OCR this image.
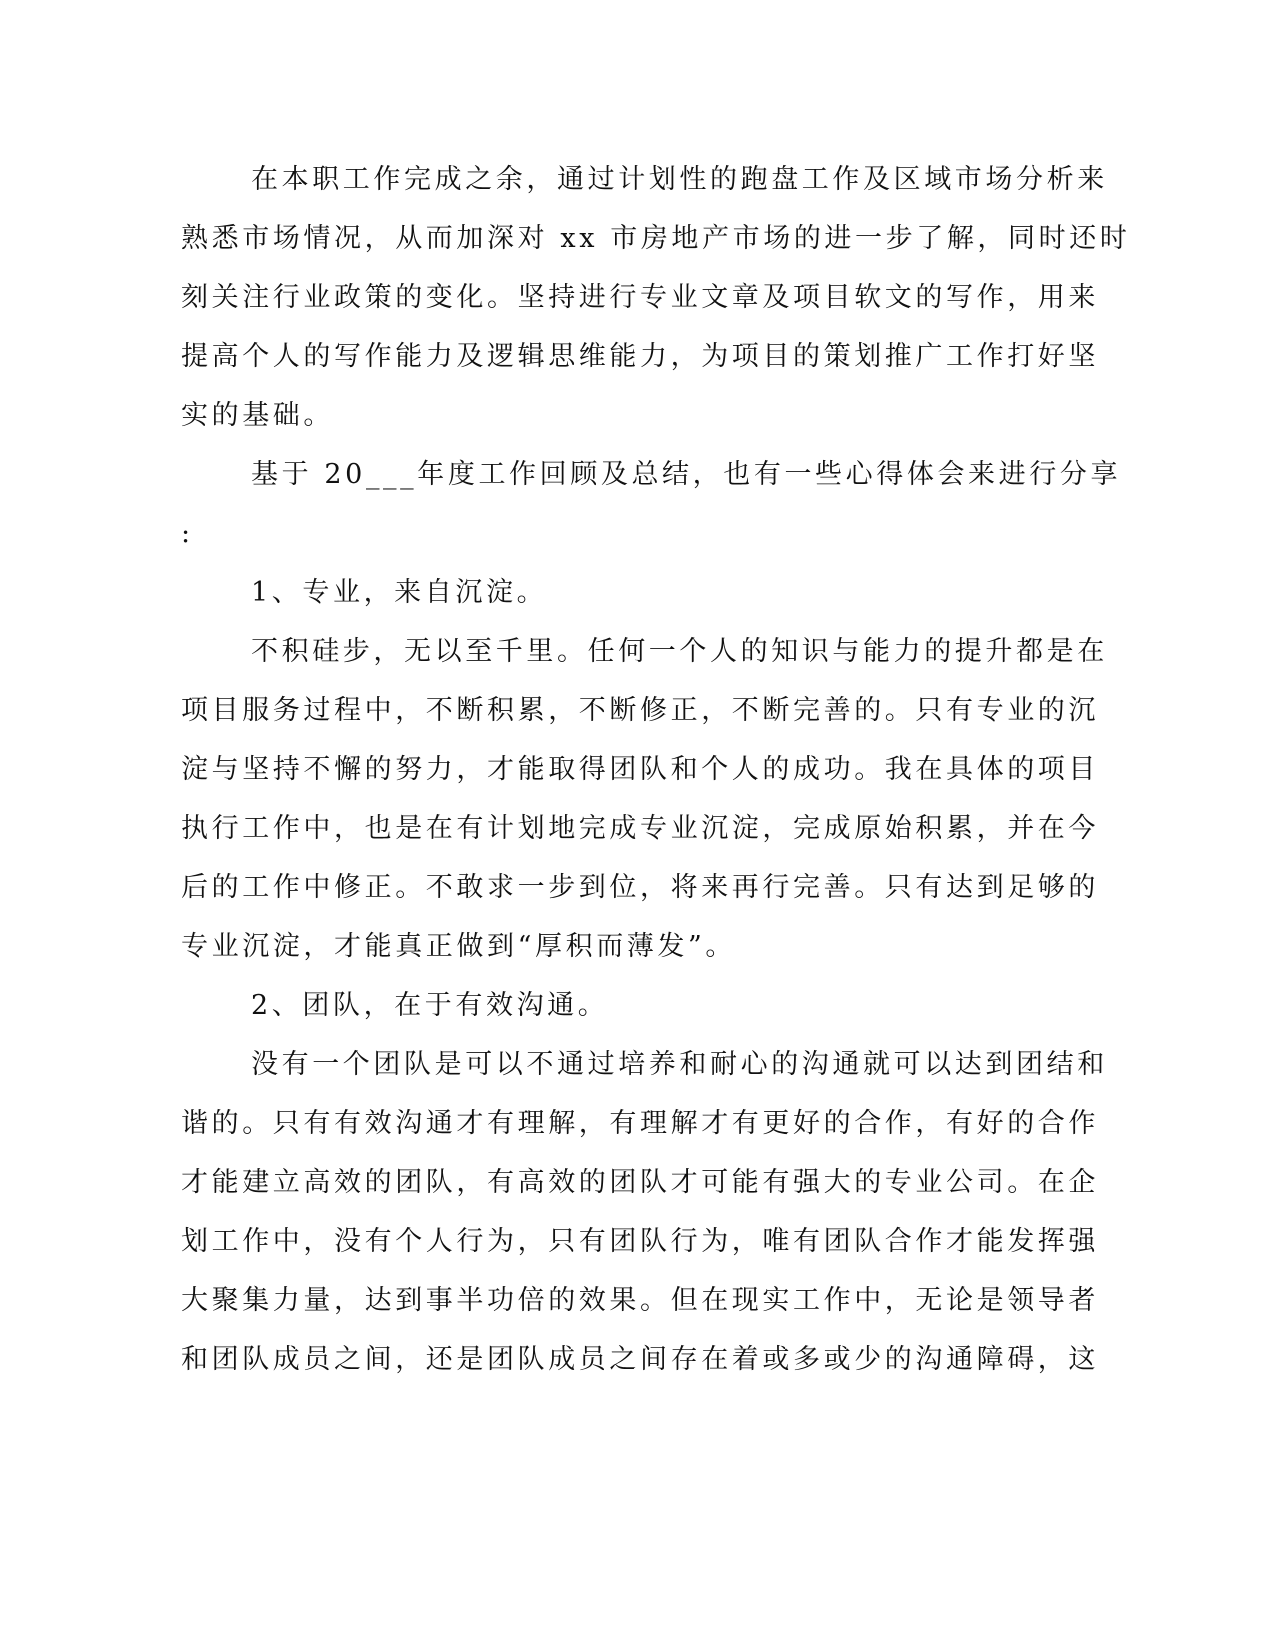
在本职工作完成之余，通过计划性的跑盘工作及区域市场分析来
熟悉市场情况，从而加深对 xx 市房地产市场的进一步了解，同时还时
刻关注行业政策的变化。坚持进行专业文章及项目软文的写作，用来
提高个人的写作能力及逻辑思维能力，为项目的策划推广工作打好坚
实的基础。
基于 20___年度工作回顾及总结，也有一些心得体会来进行分享
:
1、专业，来自沉淀。
不积硅步，无以至千里。任何一个人的知识与能力的提升都是在
项目服务过程中，不断积累，不断修正，不断完善的。只有专业的沉
淀与坚持不懈的努力，才能取得团队和个人的成功。我在具体的项目
执行工作中，也是在有计划地完成专业沉淀，完成原始积累，并在今
后的工作中修正。不敢求一步到位，将来再行完善。只有达到足够的
专业沉淀，才能真正做到“厚积而薄发”。
2、团队，在于有效沟通。
没有一个团队是可以不通过培养和耐心的沟通就可以达到团结和
谐的。只有有效沟通才有理解，有理解才有更好的合作，有好的合作
才能建立高效的团队，有高效的团队才可能有强大的专业公司。在企
划工作中，没有个人行为，只有团队行为，唯有团队合作才能发挥强
大聚集力量，达到事半功倍的效果。但在现实工作中，无论是领导者
和团队成员之间，还是团队成员之间存在着或多或少的沟通障碍，这
